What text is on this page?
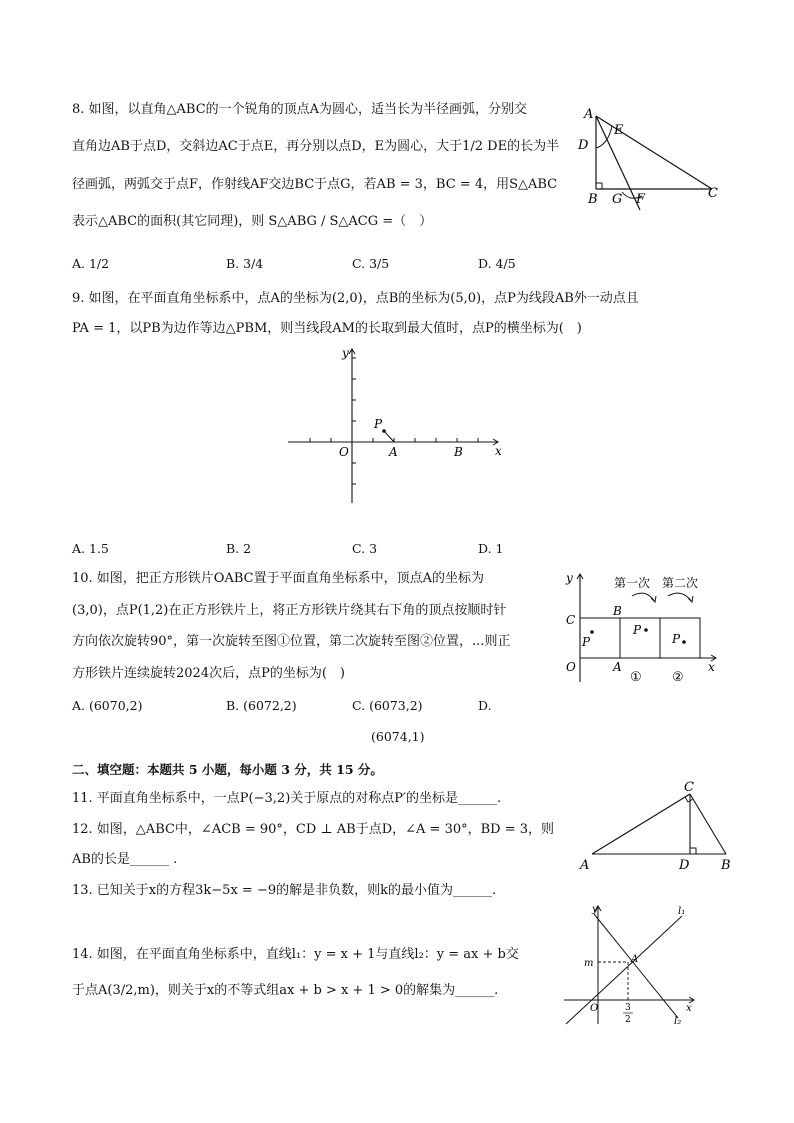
8. 如图，以直角△ABC的一个锐角的顶点A为圆心，适当长为半径画弧，分别交
直角边AB于点D，交斜边AC于点E，再分别以点D，E为圆心，大于1/2 DE的长为半
径画弧，两弧交于点F，作射线AF交边BC于点G，若AB = 3，BC = 4，用S△ABC
表示△ABC的面积(其它同理)，则 S△ABG / S△ACG =（　）
A. 1/2	B. 3/4	C. 3/5	D. 4/5
A
E
D
B G F	C
9. 如图，在平面直角坐标系中，点A的坐标为(2,0)，点B的坐标为(5,0)，点P为线段AB外一动点且
PA = 1，以PB为边作等边△PBM，则当线段AM的长取到最大值时，点P的横坐标为(　)
y
x
O	A	B
P
A. 1.5	B. 2	C. 3	D. 1
10. 如图，把正方形铁片OABC置于平面直角坐标系中，顶点A的坐标为
(3,0)，点P(1,2)在正方形铁片上，将正方形铁片绕其右下角的顶点按顺时针
方向依次旋转90°，第一次旋转至图①位置，第二次旋转至图②位置，...则正
方形铁片连续旋转2024次后，点P的坐标为(　)
第一次 第二次
y
x
C
B
O	A
P
P
P
① ②
A. (6070,2)	B. (6072,2)	C. (6073,2)	D.
(6074,1)
二、填空题：本题共 5 小题，每小题 3 分，共 15 分。
11. 平面直角坐标系中，一点P(−3,2)关于原点的对称点P′的坐标是______.
12. 如图，△ABC中，∠ACB = 90°，CD ⊥ AB于点D，∠A = 30°，BD = 3，则
AB的长是______ .	A	D B
C
13. 已知关于x的方程3k−5x = −9的解是非负数，则k的最小值为______.
14. 如图，在平面直角坐标系中，直线l₁：y = x + 1与直线l₂：y = ax + b交
于点A(3/2,m)，则关于x的不等式组ax + b > x + 1 > 0的解集为______.
y
x
O
m	A
l₁
l₂
3
2
